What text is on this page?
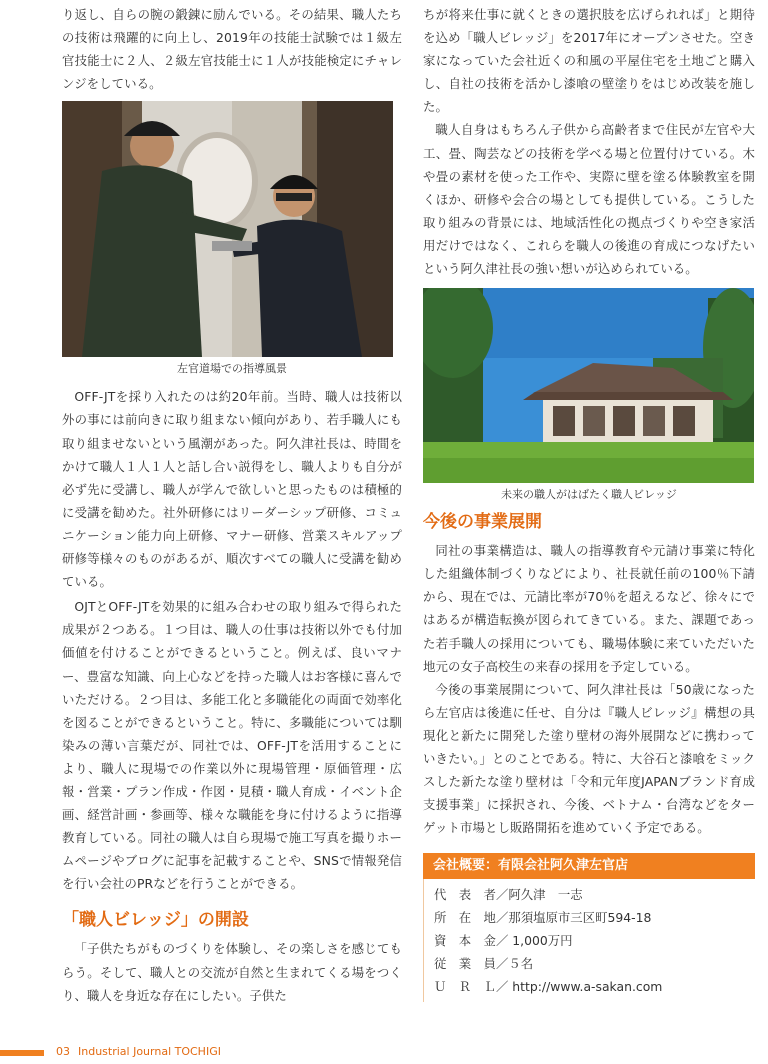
り返し、自らの腕の鍛錬に励んでいる。その結果、職人たちの技術は飛躍的に向上し、2019年の技能士試験では１級左官技能士に２人、２級左官技能士に１人が技能検定にチャレンジをしている。

左官道場での指導風景

OFF-JTを採り入れたのは約20年前。当時、職人は技術以外の事には前向きに取り組まない傾向があり、若手職人にも取り組ませないという風潮があった。阿久津社長は、時間をかけて職人１人１人と話し合い説得をし、職人よりも自分が必ず先に受講し、職人が学んで欲しいと思ったものは積極的に受講を勧めた。社外研修にはリーダーシップ研修、コミュニケーション能力向上研修、マナー研修、営業スキルアップ研修等様々のものがあるが、順次すべての職人に受講を勧めている。

OJTとOFF-JTを効果的に組み合わせの取り組みで得られた成果が２つある。１つ目は、職人の仕事は技術以外でも付加価値を付けることができるということ。例えば、良いマナー、豊富な知識、向上心などを持った職人はお客様に喜んでいただける。２つ目は、多能工化と多職能化の両面で効率化を図ることができるということ。特に、多職能については馴染みの薄い言葉だが、同社では、OFF-JTを活用することにより、職人に現場での作業以外に現場管理・原価管理・広報・営業・プラン作成・作図・見積・職人育成・イベント企画、経営計画・参画等、様々な職能を身に付けるように指導教育している。同社の職人は自ら現場で施工写真を撮りホームページやブログに記事を記載することや、SNSで情報発信を行い会社のPRなどを行うことができる。

「職人ビレッジ」の開設

「子供たちがものづくりを体験し、その楽しさを感じてもらう。そして、職人との交流が自然と生まれてくる場をつくり、職人を身近な存在にしたい。子供た

ちが将来仕事に就くときの選択肢を広げられれば」と期待を込め「職人ビレッジ」を2017年にオープンさせた。空き家になっていた会社近くの和風の平屋住宅を土地ごと購入し、自社の技術を活かし漆喰の壁塗りをはじめ改装を施した。

職人自身はもちろん子供から高齢者まで住民が左官や大工、畳、陶芸などの技術を学べる場と位置付けている。木や畳の素材を使った工作や、実際に壁を塗る体験教室を開くほか、研修や会合の場としても提供している。こうした取り組みの背景には、地域活性化の拠点づくりや空き家活用だけではなく、これらを職人の後進の育成につなげたいという阿久津社長の強い想いが込められている。

未来の職人がはばたく職人ビレッジ
今後の事業展開

同社の事業構造は、職人の指導教育や元請け事業に特化した組織体制づくりなどにより、社長就任前の100％下請から、現在では、元請比率が70％を超えるなど、徐々にではあるが構造転換が図られてきている。また、課題であった若手職人の採用についても、職場体験に来ていただいた地元の女子高校生の来春の採用を予定している。

今後の事業展開について、阿久津社長は「50歳になったら左官店は後進に任せ、自分は『職人ビレッジ』構想の具現化と新たに開発した塗り壁材の海外展開などに携わっていきたい。」とのことである。特に、大谷石と漆喰をミックスした新たな塗り壁材は「令和元年度JAPANブランド育成支援事業」に採択され、今後、ベトナム・台湾などをターゲット市場とし販路開拓を進めていく予定である。

会社概要：有限会社阿久津左官店
代　表　者／阿久津　一志
所　在　地／那須塩原市三区町594-18
資　本　金／ 1,000万円
従　業　員／５名
Ｕ　Ｒ　Ｌ／ http://www.a-sakan.com
03 Industrial Journal TOCHIGI
